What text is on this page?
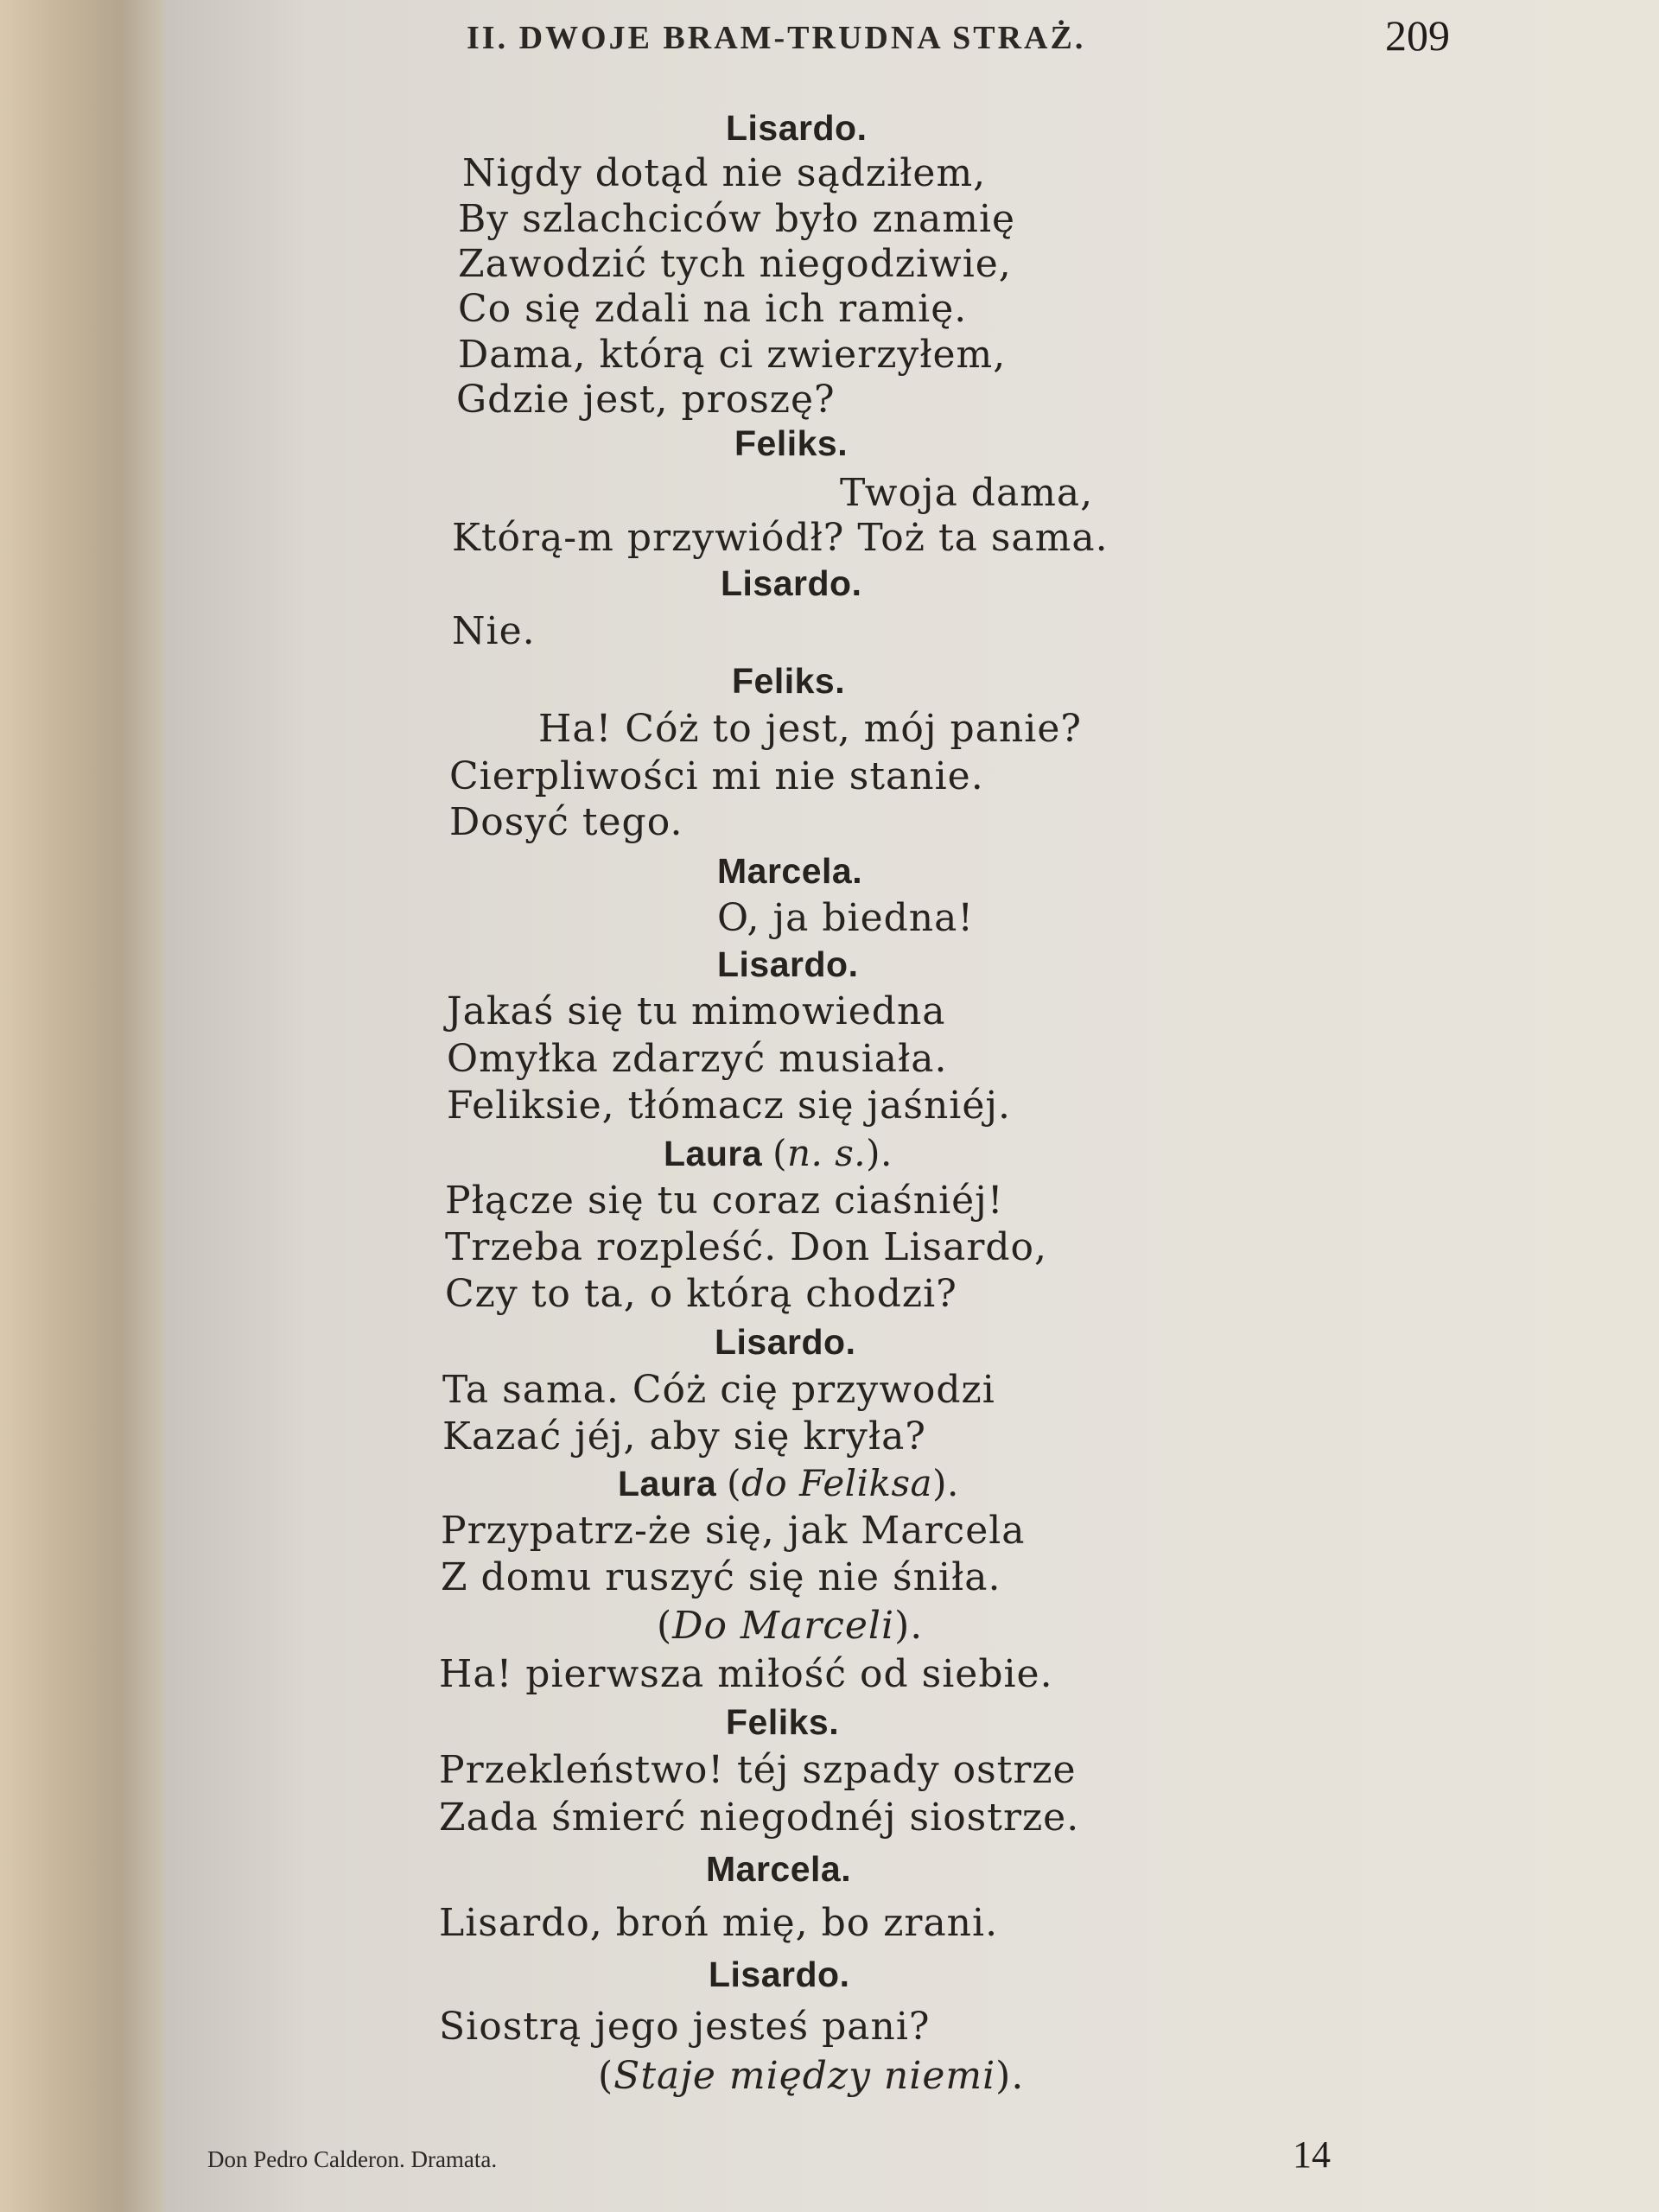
II. DWOJE BRAM-TRUDNA STRAŻ.	209
Lisardo.
Nigdy dotąd nie sądziłem,
By szlachciców było znamię
Zawodzić tych niegodziwie,
Co się zdali na ich ramię.
Dama, którą ci zwierzyłem,
Gdzie jest, proszę?
Feliks.
Twoja dama,
Którą-m przywiódł? Toż ta sama.
Lisardo.
Nie.
Feliks.
Ha! Cóż to jest, mój panie?
Cierpliwości mi nie stanie.
Dosyć tego.
Marcela.
O, ja biedna!
Lisardo.
Jakaś się tu mimowiedna
Omyłka zdarzyć musiała.
Feliksie, tłómacz się jaśniéj.
Laura (n. s.).
Płącze się tu coraz ciaśniéj!
Trzeba rozpleść. Don Lisardo,
Czy to ta, o którą chodzi?
Lisardo.
Ta sama. Cóż cię przywodzi
Kazać jéj, aby się kryła?
Laura (do Feliksa).
Przypatrz-że się, jak Marcela
Z domu ruszyć się nie śniła.
(Do Marceli).
Ha! pierwsza miłość od siebie.
Feliks.
Przekleństwo! téj szpady ostrze
Zada śmierć niegodnéj siostrze.
Marcela.
Lisardo, broń mię, bo zrani.
Lisardo.
Siostrą jego jesteś pani?
(Staje między niemi).
Don Pedro Calderon. Dramata.	14
